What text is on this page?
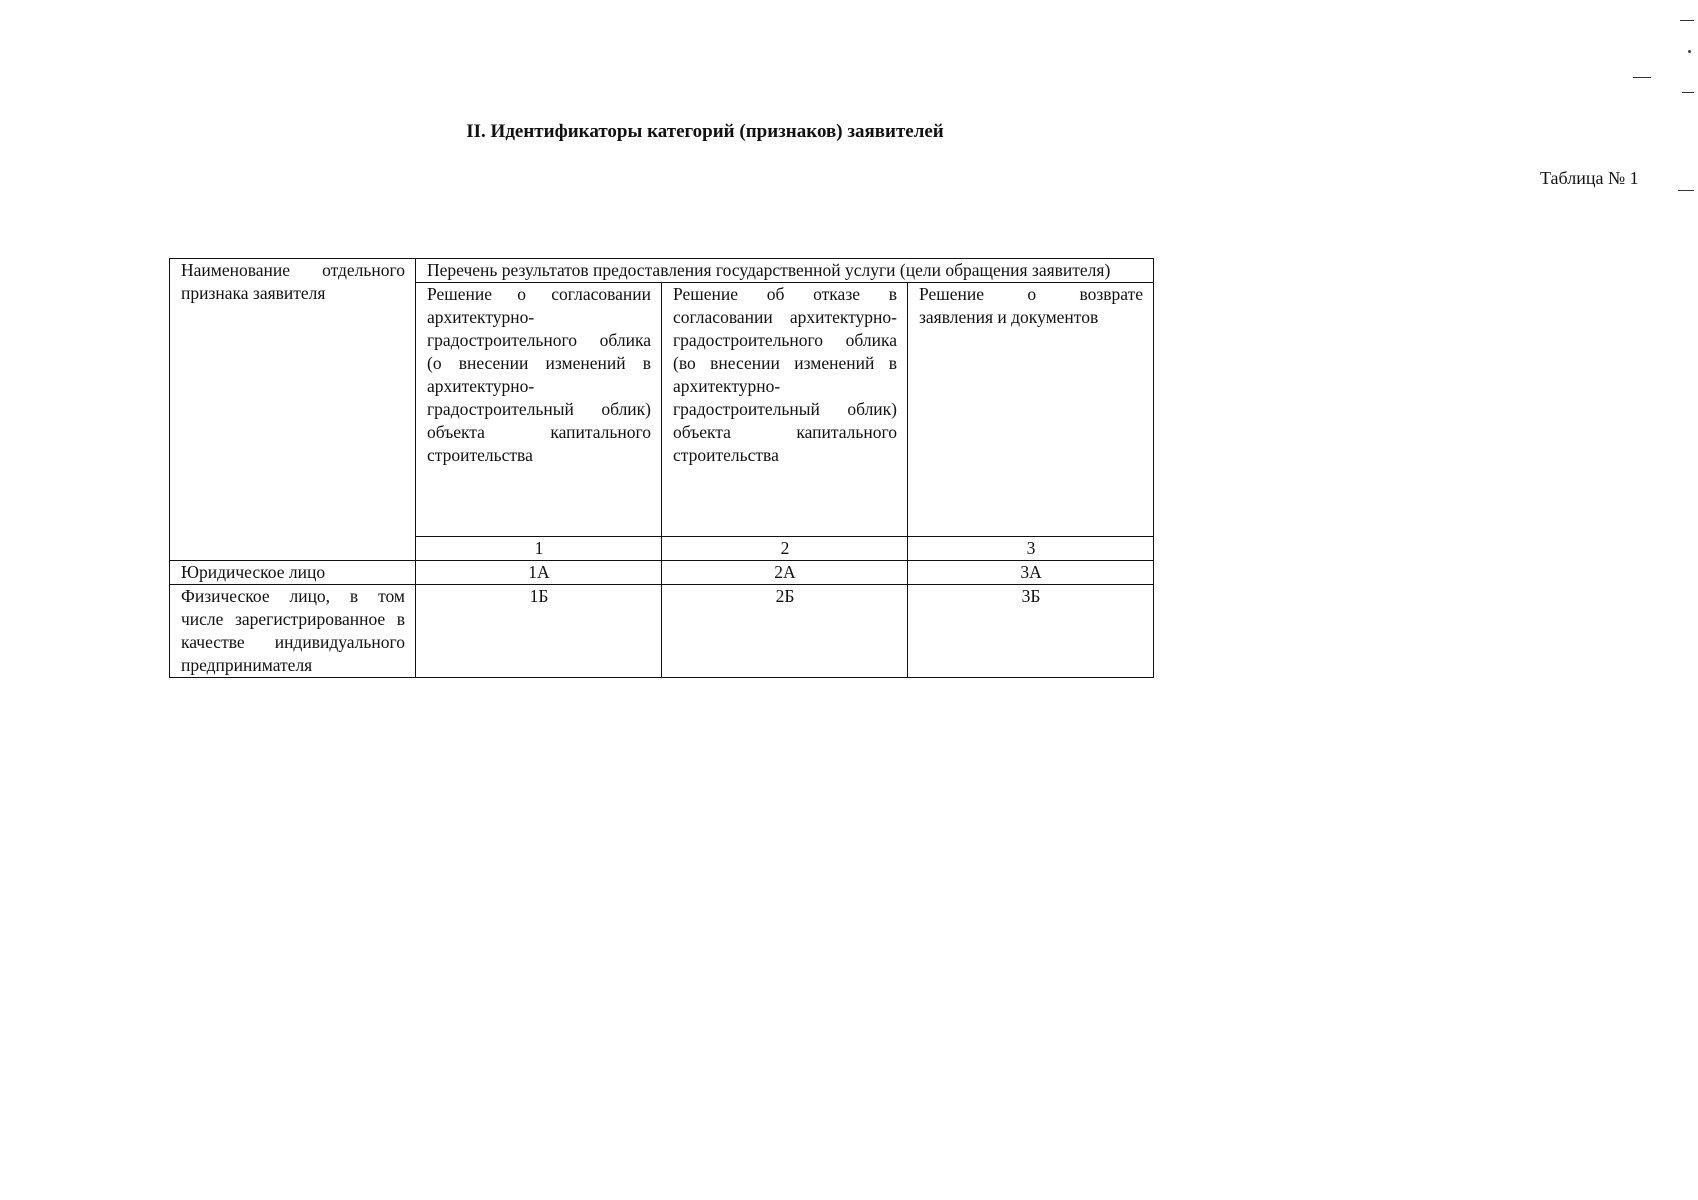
II. Идентификаторы категорий (признаков) заявителей
Таблица № 1
Наименование отдельного признака заявителя	Перечень результатов предоставления государственной услуги (цели обращения заявителя)		
	Решение о согласовании архитектурно-градостроительного облика (о внесении изменений в архитектурно-градостроительный облик) объекта капитального строительства	Решение об отказе в согласовании архитектурно-градостроительного облика (во внесении изменений в архитектурно-градостроительный облик) объекта капитального строительства	Решение о возврате заявления и документов
	1	2	3
Юридическое лицо	1А	2А	3А
Физическое лицо, в том числе зарегистрированное в качестве индивидуального предпринимателя	1Б	2Б	3Б
